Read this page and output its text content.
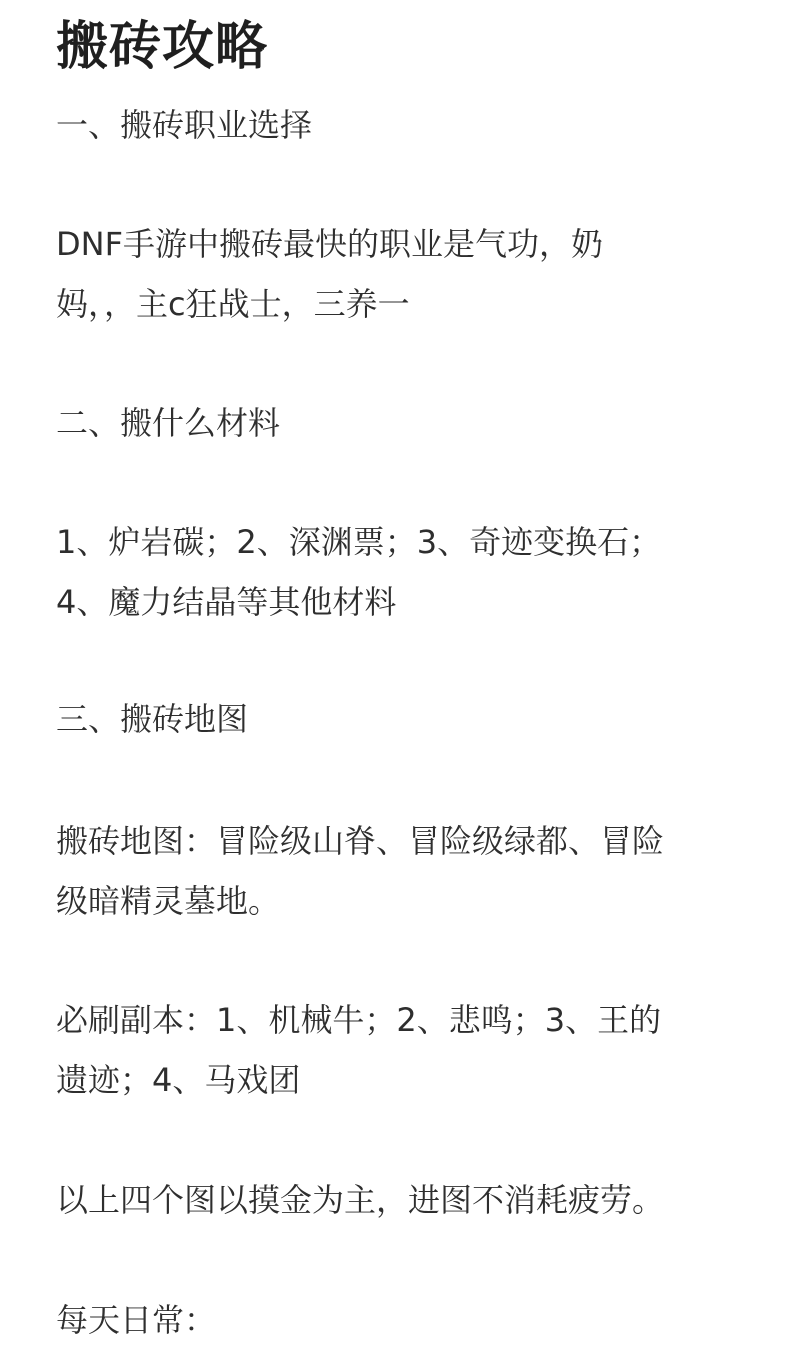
搬砖攻略
一、搬砖职业选择
DNF手游中搬砖最快的职业是气功，奶
妈，，主c狂战士，三养一
二、搬什么材料
1、炉岩碳；2、深渊票；3、奇迹变换石；
4、魔力结晶等其他材料
三、搬砖地图
搬砖地图：冒险级山脊、冒险级绿都、冒险
级暗精灵墓地。
必刷副本：1、机械牛；2、悲鸣；3、王的
遗迹；4、马戏团
以上四个图以摸金为主，进图不消耗疲劳。
每天日常：
